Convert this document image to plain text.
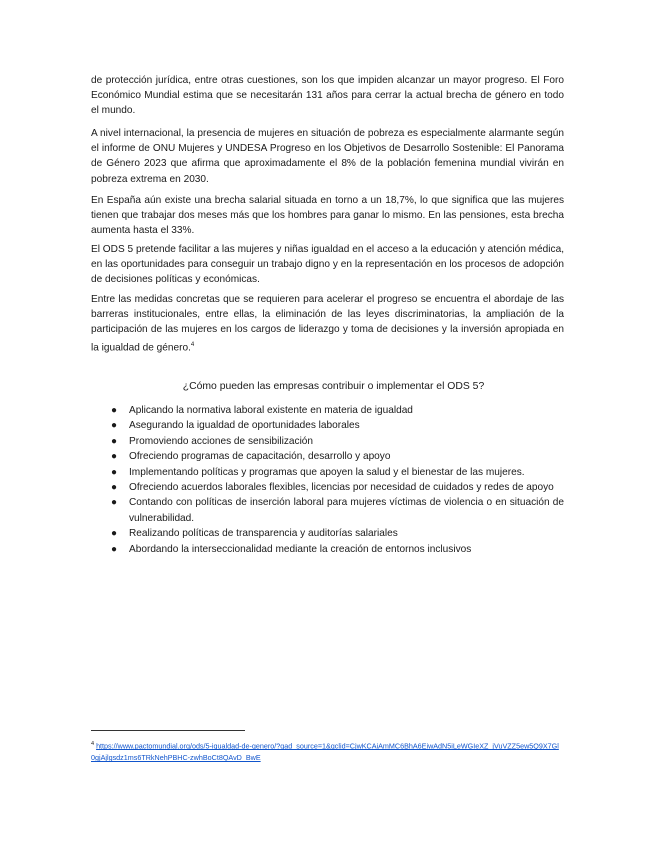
de protección jurídica, entre otras cuestiones, son los que impiden alcanzar un mayor progreso. El Foro Económico Mundial estima que se necesitarán 131 años para cerrar la actual brecha de género en todo el mundo.

A nivel internacional, la presencia de mujeres en situación de pobreza es especialmente alarmante según el informe de ONU Mujeres y UNDESA Progreso en los Objetivos de Desarrollo Sostenible: El Panorama de Género 2023 que afirma que aproximadamente el 8% de la población femenina mundial vivirán en pobreza extrema en 2030.

En España aún existe una brecha salarial situada en torno a un 18,7%, lo que significa que las mujeres tienen que trabajar dos meses más que los hombres para ganar lo mismo. En las pensiones, esta brecha aumenta hasta el 33%.

El ODS 5 pretende facilitar a las mujeres y niñas igualdad en el acceso a la educación y atención médica, en las oportunidades para conseguir un trabajo digno y en la representación en los procesos de adopción de decisiones políticas y económicas.

Entre las medidas concretas que se requieren para acelerar el progreso se encuentra el abordaje de las barreras institucionales, entre ellas, la eliminación de las leyes discriminatorias, la ampliación de la participación de las mujeres en los cargos de liderazgo y toma de decisiones y la inversión apropiada en la igualdad de género.$^4$

¿Cómo pueden las empresas contribuir o implementar el ODS 5?

● Aplicando la normativa laboral existente en materia de igualdad
● Asegurando la igualdad de oportunidades laborales
● Promoviendo acciones de sensibilización
● Ofreciendo programas de capacitación, desarrollo y apoyo
● Implementando políticas y programas que apoyen la salud y el bienestar de las mujeres.
● Ofreciendo acuerdos laborales flexibles, licencias por necesidad de cuidados y redes de apoyo
● Contando con políticas de inserción laboral para mujeres víctimas de violencia o en situación de vulnerabilidad.
● Realizando políticas de transparencia y auditorías salariales
● Abordando la interseccionalidad mediante la creación de entornos inclusivos

$^4$ https://www.pactomundial.org/ods/5-igualdad-de-genero/?gad_source=1&gclid=CjwKCAiAmMC6BhA6EiwAdN5iLeWGIeXZ_jVuVZZ5ew5Q9X7Gl0gjAjlgsdz1ms6TRkNehPBHC-zwhBoCt8QAvD_BwE
